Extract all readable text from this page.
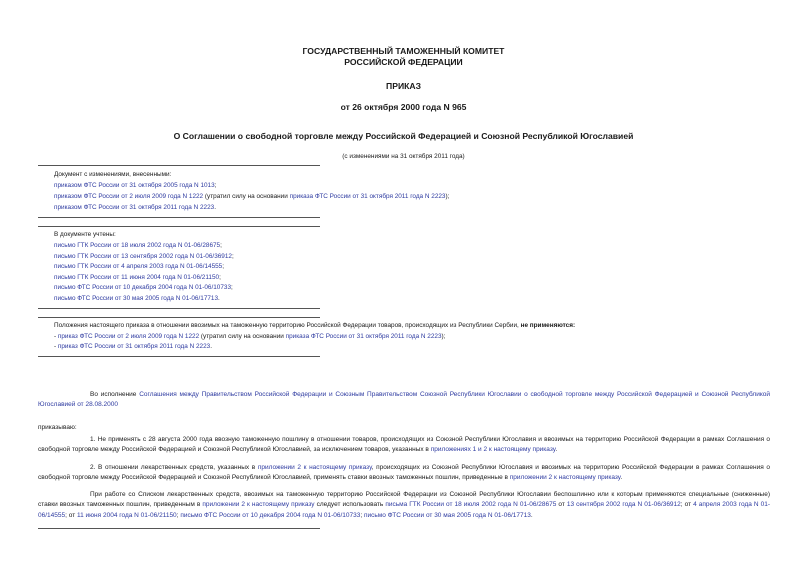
ГОСУДАРСТВЕННЫЙ ТАМОЖЕННЫЙ КОМИТЕТ
РОССИЙСКОЙ ФЕДЕРАЦИИ
ПРИКАЗ
от 26 октября 2000 года N 965
О Соглашении о свободной торговле между Российской Федерацией и Союзной Республикой Югославией
(с изменениями на 31 октября 2011 года)
Документ с изменениями, внесенными:
приказом ФТС России от 31 октября 2005 года N 1013;
приказом ФТС России от 2 июля 2009 года N 1222 (утратил силу на основании приказа ФТС России от 31 октября 2011 года N 2223);
приказом ФТС России от 31 октября 2011 года N 2223.
В документе учтены:
письмо ГТК России от 18 июля 2002 года N 01-06/28675;
письмо ГТК России от 13 сентября 2002 года N 01-06/36912;
письмо ГТК России от 4 апреля 2003 года N 01-06/14555;
письмо ГТК России от 11 июня 2004 года N 01-06/21150;
письмо ФТС России от 10 декабря 2004 года N 01-06/10733;
письмо ФТС России от 30 мая 2005 года N 01-06/17713.
Положения настоящего приказа в отношении ввозимых на таможенную территорию Российской Федерации товаров, происходящих из Республики Сербии, не применяются:
- приказ ФТС России от 2 июля 2009 года N 1222 (утратил силу на основании приказа ФТС России от 31 октября 2011 года N 2223);
- приказ ФТС России от 31 октября 2011 года N 2223.
Во исполнение Соглашения между Правительством Российской Федерации и Союзным Правительством Союзной Республики Югославии о свободной торговле между Российской Федерацией и Союзной Республикой Югославией от 28.08.2000
приказываю:
1. Не применять с 28 августа 2000 года ввозную таможенную пошлину в отношении товаров, происходящих из Союзной Республики Югославия и ввозимых на территорию Российской Федерации в рамках Соглашения о свободной торговле между Российской Федерацией и Союзной Республикой Югославией, за исключением товаров, указанных в приложениях 1 и 2 к настоящему приказу.
2. В отношении лекарственных средств, указанных в приложении 2 к настоящему приказу, происходящих из Союзной Республики Югославия и ввозимых на территорию Российской Федерации в рамках Соглашения о свободной торговле между Российской Федерацией и Союзной Республикой Югославией, применять ставки ввозных таможенных пошлин, приведенные в приложении 2 к настоящему приказу.
При работе со Списком лекарственных средств, ввозимых на таможенную территорию Российской Федерации из Союзной Республики Югославии беспошлинно или к которым применяются специальные (сниженные) ставки ввозных таможенных пошлин, приведенным в приложении 2 к настоящему приказу следует использовать письма ГТК России от 18 июля 2002 года N 01-06/28675 от 13 сентября 2002 года N 01-06/36912; от 4 апреля 2003 года N 01-06/14555; от 11 июня 2004 года N 01-06/21150; письмо ФТС России от 10 декабря 2004 года N 01-06/10733; письмо ФТС России от 30 мая 2005 года N 01-06/17713.
